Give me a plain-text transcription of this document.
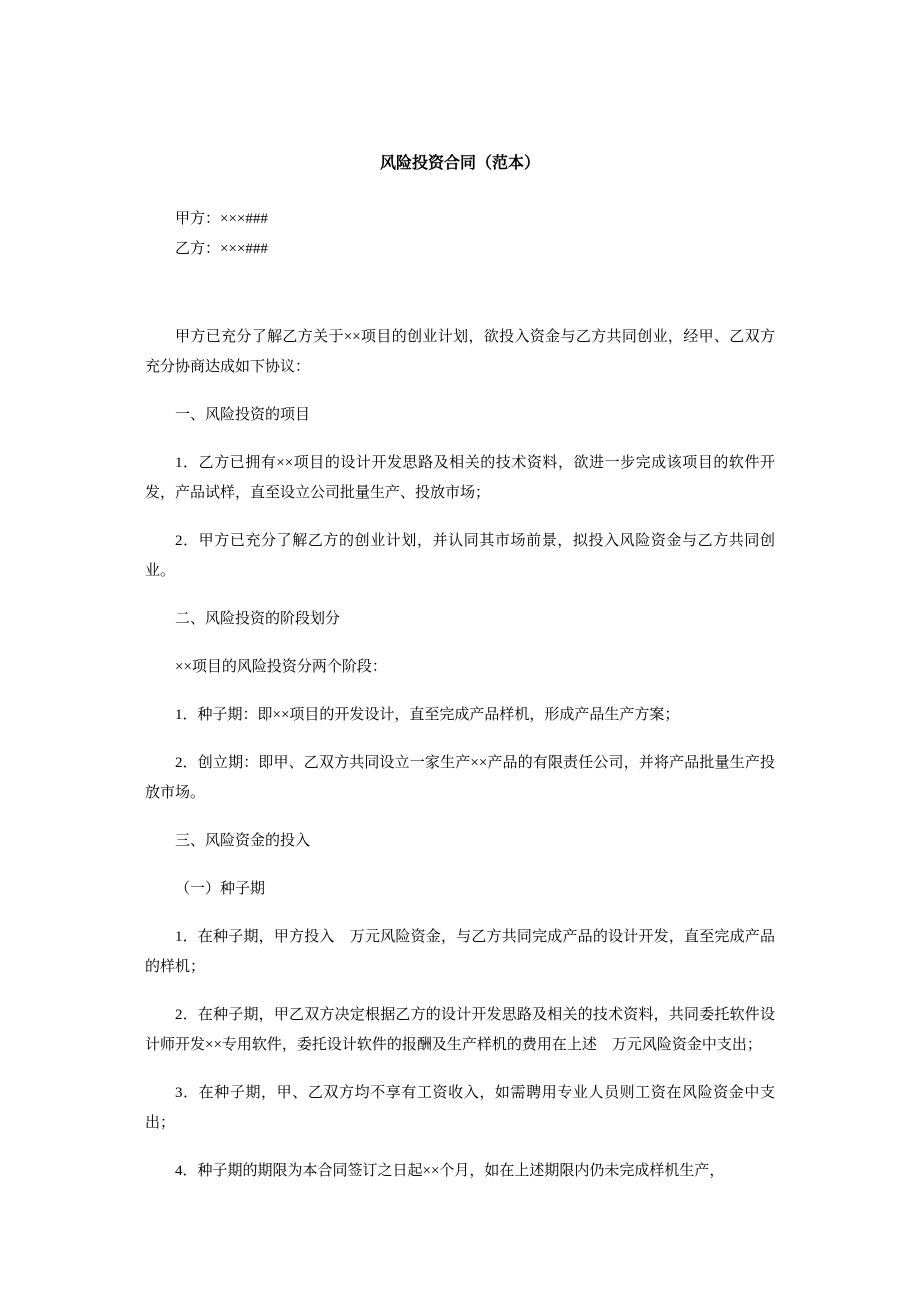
风险投资合同（范本）

甲方：×××###

乙方：×××###

甲方已充分了解乙方关于××项目的创业计划，欲投入资金与乙方共同创业，经甲、乙双方充分协商达成如下协议：

一、风险投资的项目

1．乙方已拥有××项目的设计开发思路及相关的技术资料，欲进一步完成该项目的软件开发，产品试样，直至设立公司批量生产、投放市场；

2．甲方已充分了解乙方的创业计划，并认同其市场前景，拟投入风险资金与乙方共同创业。

二、风险投资的阶段划分

××项目的风险投资分两个阶段：

1．种子期：即××项目的开发设计，直至完成产品样机，形成产品生产方案；

2．创立期：即甲、乙双方共同设立一家生产××产品的有限责任公司，并将产品批量生产投放市场。

三、风险资金的投入

（一）种子期

1．在种子期，甲方投入　万元风险资金，与乙方共同完成产品的设计开发，直至完成产品的样机；

2．在种子期，甲乙双方决定根据乙方的设计开发思路及相关的技术资料，共同委托软件设计师开发××专用软件，委托设计软件的报酬及生产样机的费用在上述　万元风险资金中支出；

3．在种子期，甲、乙双方均不享有工资收入，如需聘用专业人员则工资在风险资金中支出；

4．种子期的期限为本合同签订之日起××个月，如在上述期限内仍未完成样机生产，
